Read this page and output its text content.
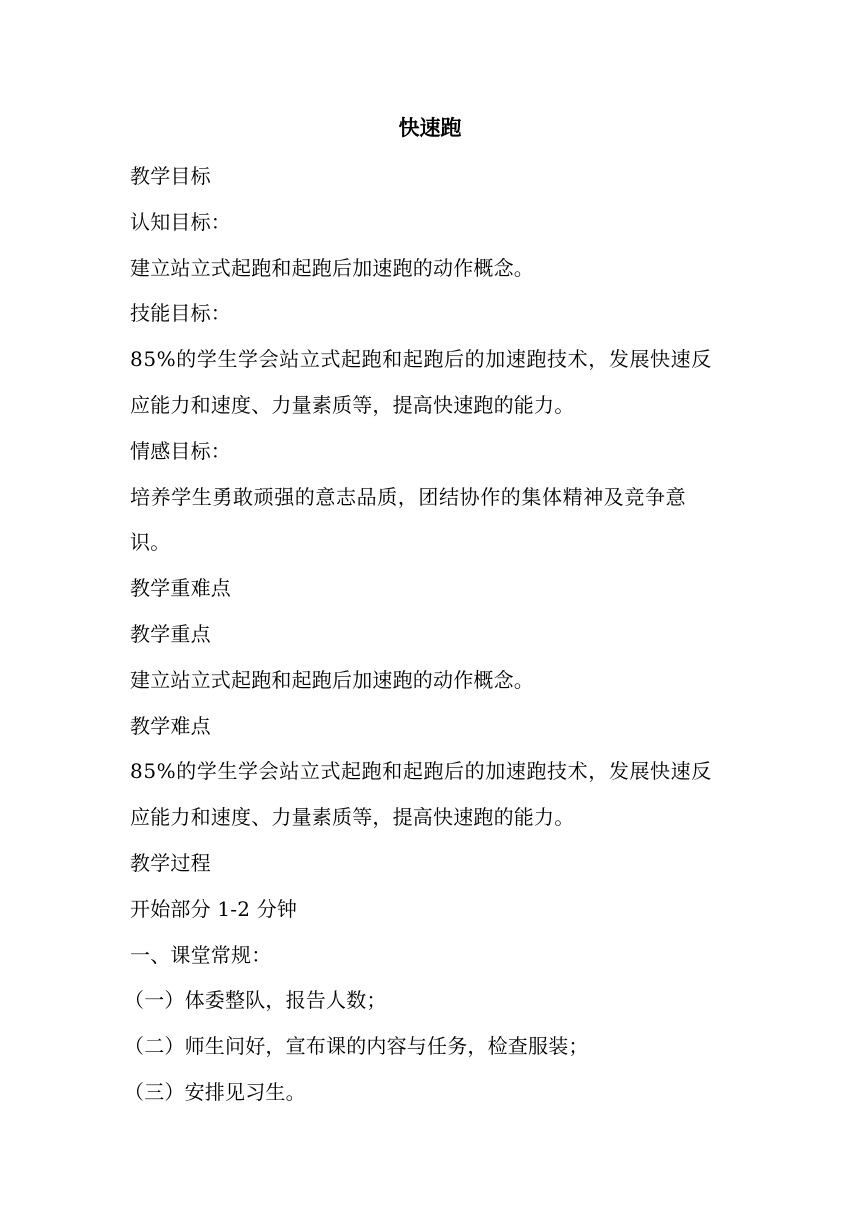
快速跑

教学目标

认知目标：

建立站立式起跑和起跑后加速跑的动作概念。

技能目标：

85%的学生学会站立式起跑和起跑后的加速跑技术，发展快速反

应能力和速度、力量素质等，提高快速跑的能力。

情感目标：

培养学生勇敢顽强的意志品质，团结协作的集体精神及竞争意

识。

教学重难点

教学重点

建立站立式起跑和起跑后加速跑的动作概念。

教学难点

85%的学生学会站立式起跑和起跑后的加速跑技术，发展快速反

应能力和速度、力量素质等，提高快速跑的能力。

教学过程

开始部分 1-2 分钟

一、课堂常规：

（一）体委整队，报告人数；

（二）师生问好，宣布课的内容与任务，检查服装；

（三）安排见习生。
